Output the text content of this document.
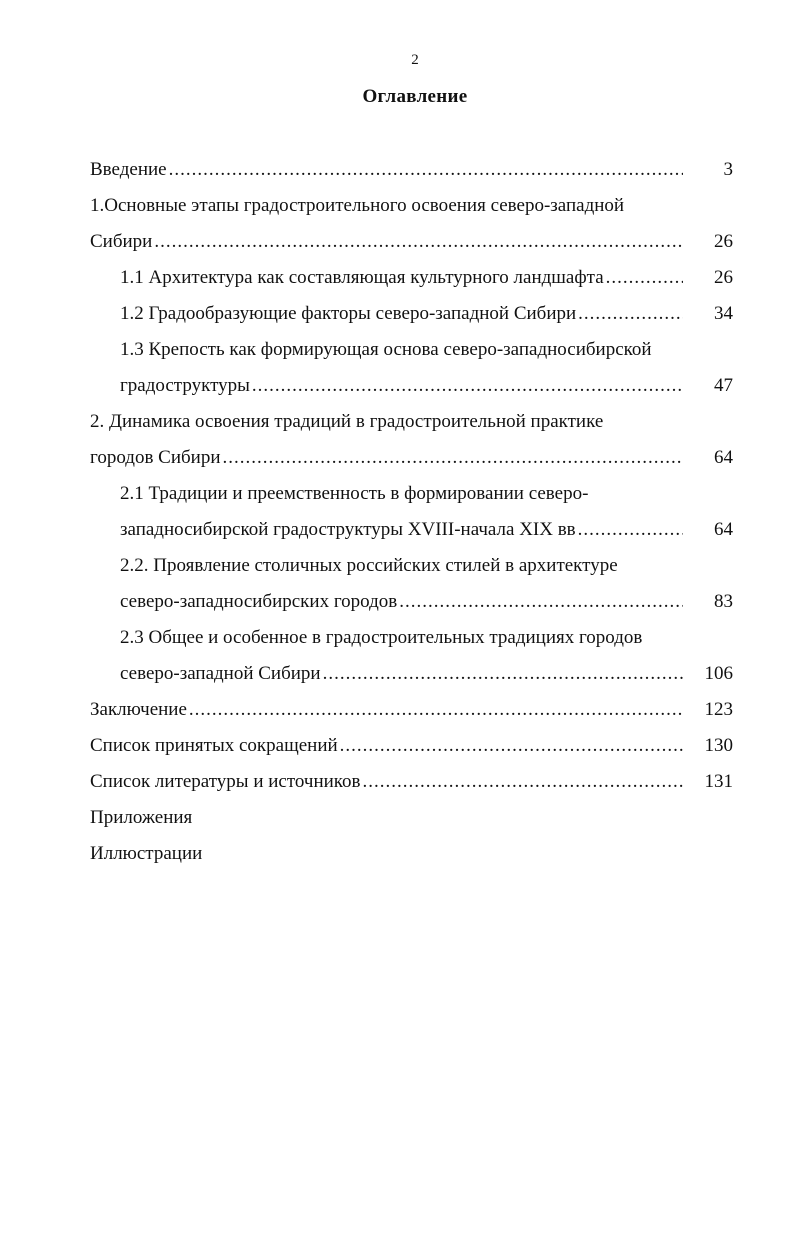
2
Оглавление
Введение .....	3
1.Основные этапы градостроительного освоения северо-западной
Сибири .....	26
1.1 Архитектура как составляющая культурного ландшафта .....	26
1.2 Градообразующие факторы северо-западной Сибири .....	34
1.3 Крепость как формирующая основа северо-западносибирской
градоструктуры .....	47
2. Динамика освоения традиций в градостроительной практике
городов Сибири .....	64
2.1 Традиции и преемственность в формировании северо-
западносибирской градоструктуры XVIII-начала XIX вв .....	64
2.2. Проявление столичных российских стилей в архитектуре
северо-западносибирских городов .....	83
2.3 Общее и особенное в градостроительных традициях городов
северо-западной Сибири .....	106
Заключение .....	123
Список принятых сокращений .....	130
Список литературы и источников .....	131
Приложения
Иллюстрации
